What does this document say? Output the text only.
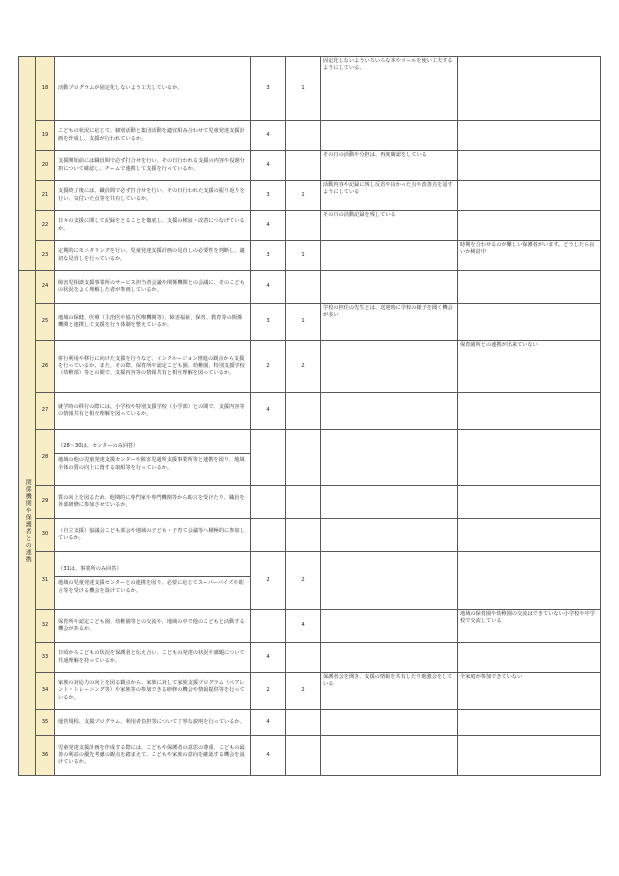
	18	活動プログラムが固定化しないよう工夫しているか。	3	1	固定化しないよういろいろな本やツールを使い工夫するようにしている。	
	19	こどもの状況に応じて、個別活動と集団活動を適宜組み合わせて児童発達支援計画を作成し、支援が行われているか。	4			
	20	支援開始前には職員間で必ず打合せを行い、その日行われる支援の内容や役割分担について確認し、チームで連携して支援を行っているか。	4		その日の活動や分担は、再度確認をしている	
	21	支援終了後には、職員間で必ず打合せを行い、その日行われた支援の振り返りを行い、気付いた点等を共有しているか。	3	1	活動内容や記録に残し反省や良かった点や改善点を話すようにしている	
	22	日々の支援に関して記録をとることを徹底し、支援の検証・改善につなげているか。	4		その日の活動記録を残している	
	23	定期的にモニタリングを行い、児童発達支援計画の見直しの必要性を判断し、適切な見直しを行っているか。	3	1		時期を合わせるのが難しい保護者がいます。どうしたら良いか検討中
関係機関や保護者との連携	24	障害児相談支援事業所のサービス担当者会議や関係機関との会議に、そのこどもの状況をよく理解した者が参画しているか。	4			
	25	地域の保健、医療（主治医や協力医療機関等）、障害福祉、保育、教育等の関係機関と連携して支援を行う体制を整えているか。	3	1	学校の担任の先生とは、送迎時に学校の様子を聞く機会が多い	
	26	併行利用や移行に向けた支援を行うなど、インクルージョン推進の観点から支援を行っているか。また、その際、保育所や認定こども園、幼稚園、特別支援学校（幼稚部）等との間で、支援内容等の情報共有と相互理解を図っているか。	2	2		保育園所との連携が出来ていない
	27	就学時の移行の際には、小学校や特別支援学校（小学部）との間で、支援内容等の情報共有と相互理解を図っているか。	4			
	28	（28～30は、センターのみ回答）
地域の他の児童発達支援センターや障害児通所支援事業所等と連携を図り、地域全体の質の向上に資する取組等を行っているか。				

	29	質の向上を図るため、他期的に専門家や専門機関等から助言を受けたり、職員を外部研修に参加させているか。				

	30	（自立支援）協議会こども部会や地域の子ども・子育て会議等へ積極的に参加しているか。				

	31	（31は、事業所のみ回答）
地域の児童発達支援センターとの連携を図り、必要に応じてスーパーバイズや助言等を受ける機会を設けているか。	2	2		
	32	保育所や認定こども園、幼稚園等との交流や、地域の中で他のこどもと活動する機会があるか。		4		地域の保育園や幼稚園の交流はできていない小学校や中学校で交流している
	33	日頃からこどもの状況を保護者と伝え合い、こどもの発達の状況や課題について共通理解を持っているか。	4			
	34	家族の対応力の向上を図る観点から、家族に対して家族支援プログラム（ペアレント・トレーニング等）や家族等の参加できる研修の機会や情報提供等を行っているか。	2	2	保護者会を開き、支援の情報を共有したり勉強会をしている	全家庭が参加できていない
	35	運営規程、支援プログラム、利用者負担等について丁寧な説明を行っているか。	4			
	36	児童発達支援計画を作成する際には、こどもや保護者の意思の尊重、こどもの最善の利益の優先考慮の観点を踏まえて、こどもや家族の意向を確認する機会を設けているか。	4			
